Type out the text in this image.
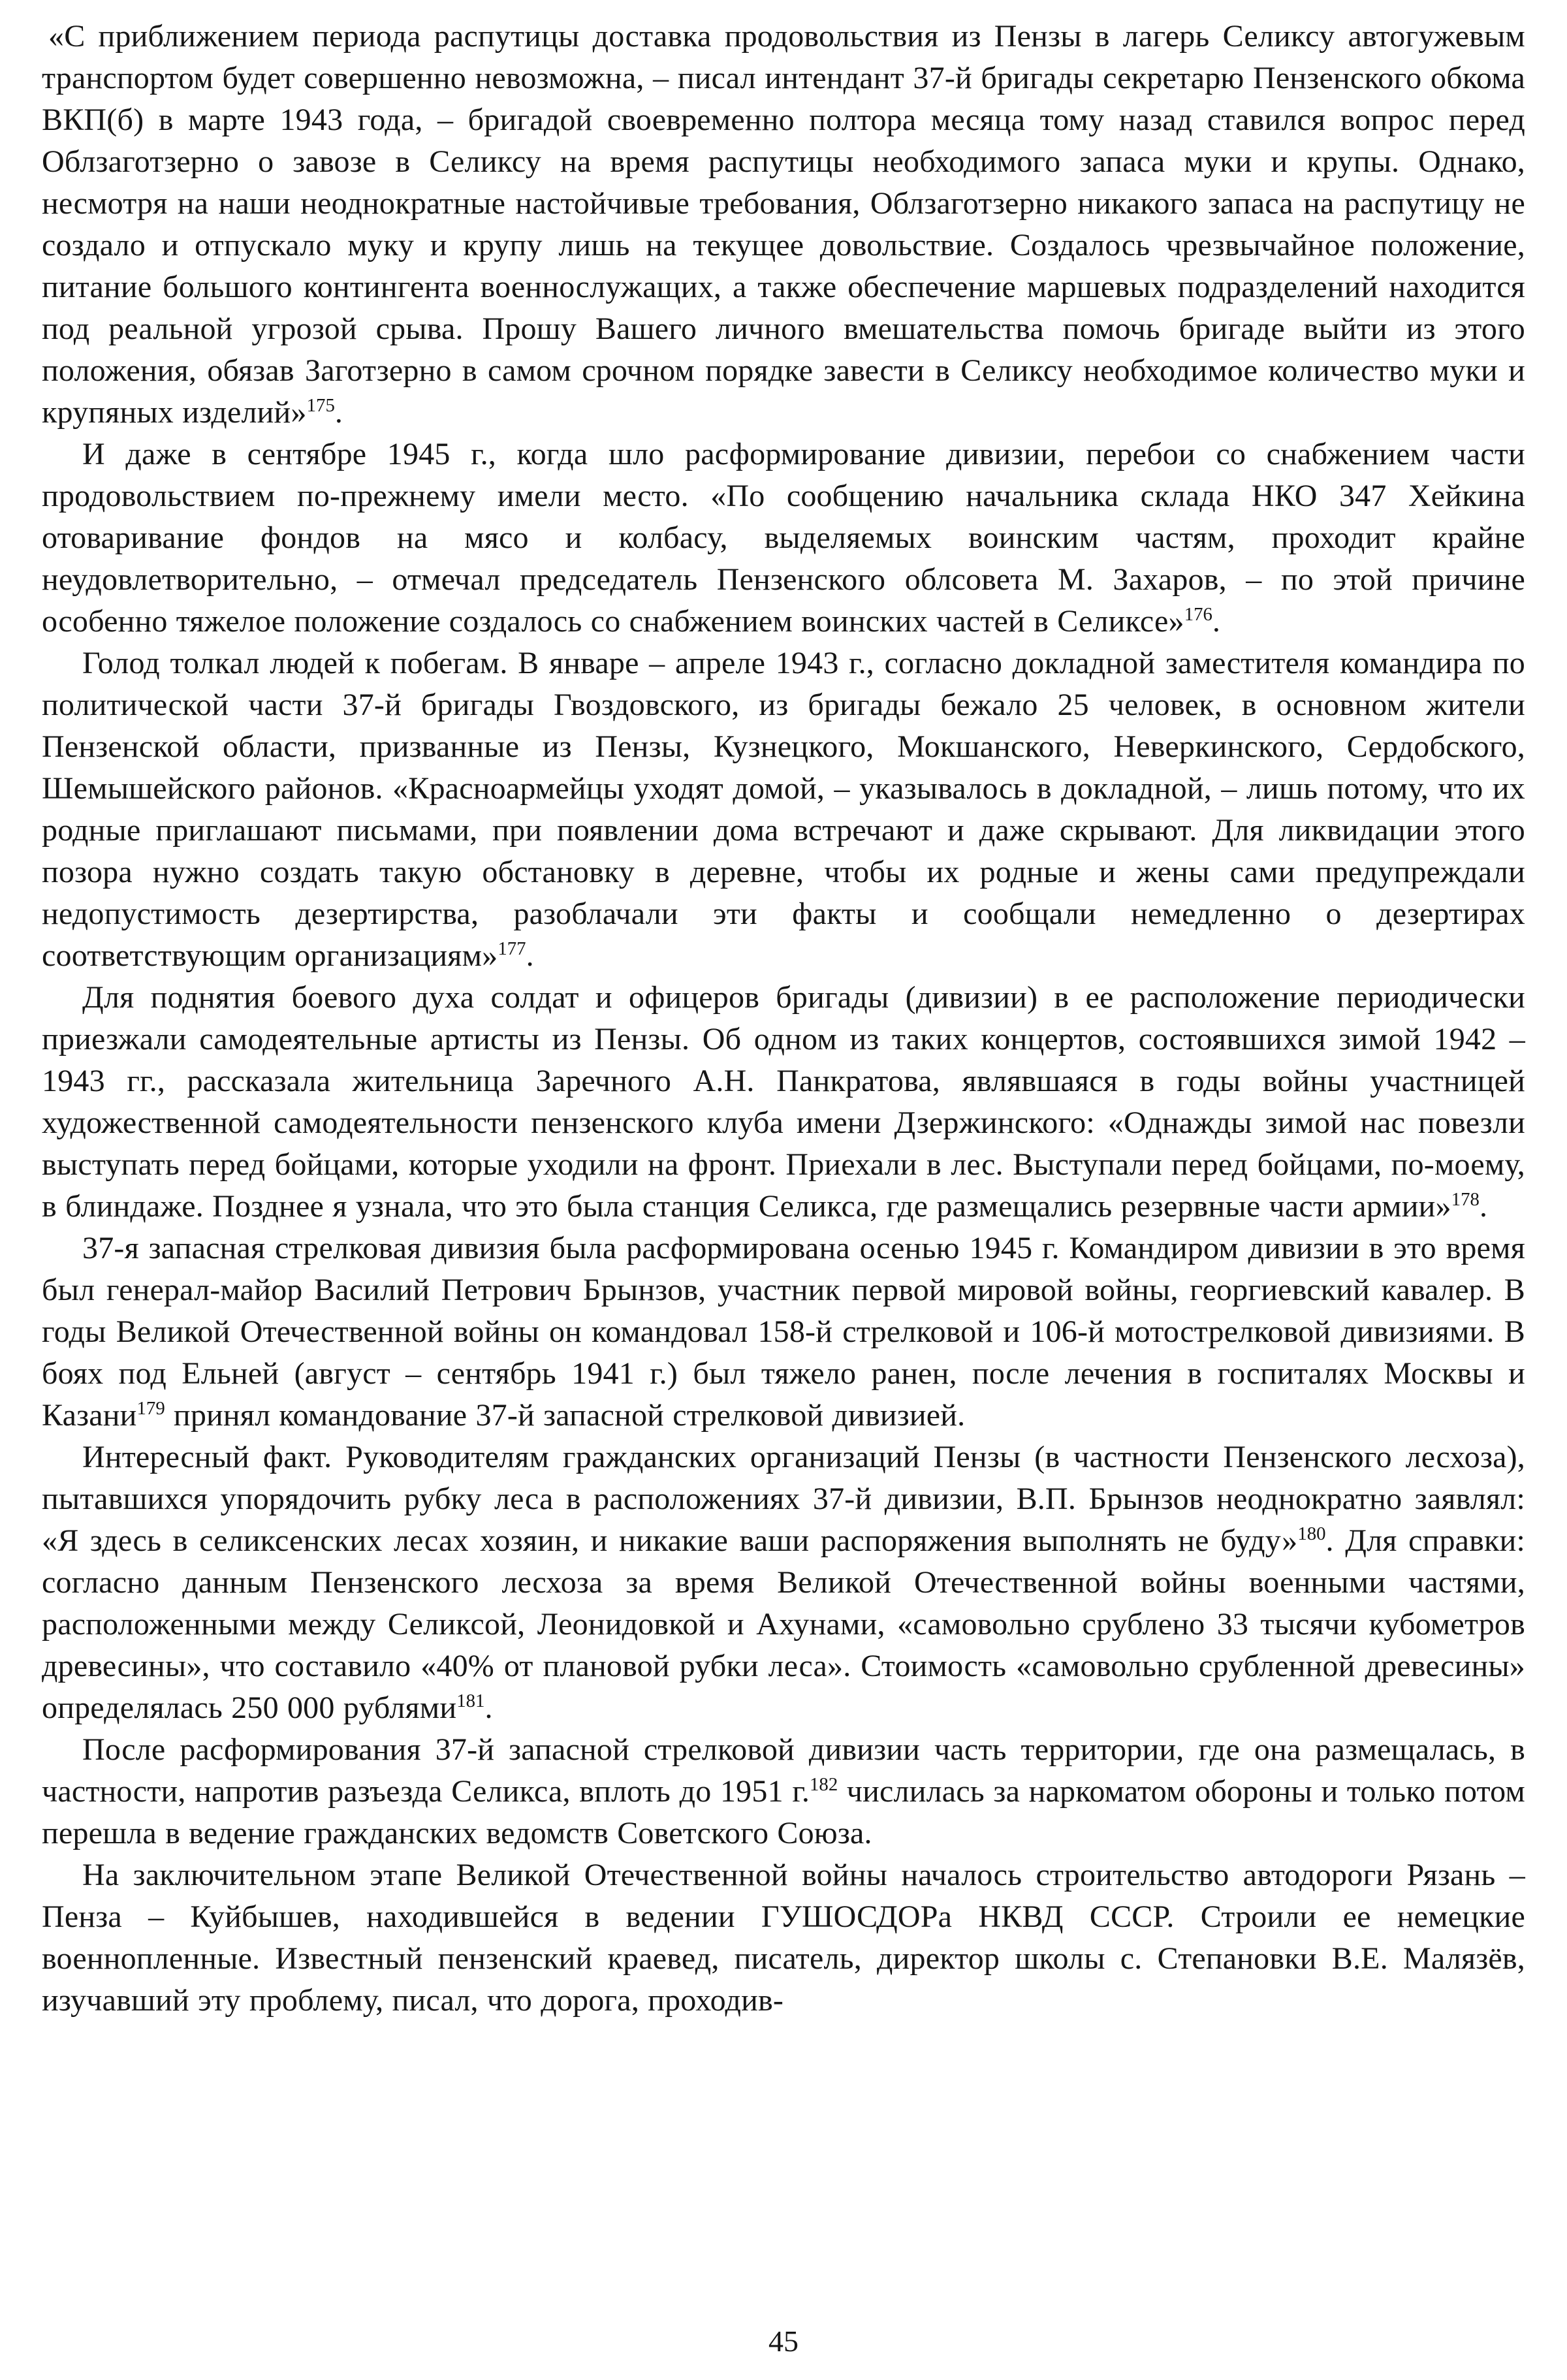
«С приближением периода распутицы доставка продовольствия из Пензы в лагерь Селиксу автогужевым транспортом будет совершенно невозможна, – писал интендант 37-й бригады секретарю Пензенского обкома ВКП(б) в марте 1943 года, – бригадой своевременно полтора месяца тому назад ставился вопрос перед Облзаготзерно о завозе в Селиксу на время распутицы необходимого запаса муки и крупы. Однако, несмотря на наши неоднократные настойчивые требования, Облзаготзерно никакого запаса на распутицу не создало и отпускало муку и крупу лишь на текущее довольствие. Создалось чрезвычайное положение, питание большого контингента военнослужащих, а также обеспечение маршевых подразделений находится под реальной угрозой срыва. Прошу Вашего личного вмешательства помочь бригаде выйти из этого положения, обязав Заготзерно в самом срочном порядке завести в Селиксу необходимое количество муки и крупяных изделий»$^{175}$.

И даже в сентябре 1945 г., когда шло расформирование дивизии, перебои со снабжением части продовольствием по-прежнему имели место. «По сообщению начальника склада НКО 347 Хейкина отоваривание фондов на мясо и колбасу, выделяемых воинским частям, проходит крайне неудовлетворительно, – отмечал председатель Пензенского облсовета М. Захаров, – по этой причине особенно тяжелое положение создалось со снабжением воинских частей в Селиксе»$^{176}$.

Голод толкал людей к побегам. В январе – апреле 1943 г., согласно докладной заместителя командира по политической части 37-й бригады Гвоздовского, из бригады бежало 25 человек, в основном жители Пензенской области, призванные из Пензы, Кузнецкого, Мокшанского, Неверкинского, Сердобского, Шемышейского районов. «Красноармейцы уходят домой, – указывалось в докладной, – лишь потому, что их родные приглашают письмами, при появлении дома встречают и даже скрывают. Для ликвидации этого позора нужно создать такую обстановку в деревне, чтобы их родные и жены сами предупреждали недопустимость дезертирства, разоблачали эти факты и сообщали немедленно о дезертирах соответствующим организациям»$^{177}$.

Для поднятия боевого духа солдат и офицеров бригады (дивизии) в ее расположение периодически приезжали самодеятельные артисты из Пензы. Об одном из таких концертов, состоявшихся зимой 1942 – 1943 гг., рассказала жительница Заречного А.Н. Панкратова, являвшаяся в годы войны участницей художественной самодеятельности пензенского клуба имени Дзержинского: «Однажды зимой нас повезли выступать перед бойцами, которые уходили на фронт. Приехали в лес. Выступали перед бойцами, по-моему, в блиндаже. Позднее я узнала, что это была станция Селикса, где размещались резервные части армии»$^{178}$.

37-я запасная стрелковая дивизия была расформирована осенью 1945 г. Командиром дивизии в это время был генерал-майор Василий Петрович Брынзов, участник первой мировой войны, георгиевский кавалер. В годы Великой Отечественной войны он командовал 158-й стрелковой и 106-й мотострелковой дивизиями. В боях под Ельней (август – сентябрь 1941 г.) был тяжело ранен, после лечения в госпиталях Москвы и Казани$^{179}$ принял командование 37-й запасной стрелковой дивизией.

Интересный факт. Руководителям гражданских организаций Пензы (в частности Пензенского лесхоза), пытавшихся упорядочить рубку леса в расположениях 37-й дивизии, В.П. Брынзов неоднократно заявлял: «Я здесь в селиксенских лесах хозяин, и никакие ваши распоряжения выполнять не буду»$^{180}$. Для справки: согласно данным Пензенского лесхоза за время Великой Отечественной войны военными частями, расположенными между Селиксой, Леонидовкой и Ахунами, «самовольно срублено 33 тысячи кубометров древесины», что составило «40% от плановой рубки леса». Стоимость «самовольно срубленной древесины» определялась 250 000 рублями$^{181}$.

После расформирования 37-й запасной стрелковой дивизии часть территории, где она размещалась, в частности, напротив разъезда Селикса, вплоть до 1951 г.$^{182}$ числилась за наркоматом обороны и только потом перешла в ведение гражданских ведомств Советского Союза.

На заключительном этапе Великой Отечественной войны началось строительство автодороги Рязань – Пенза – Куйбышев, находившейся в ведении ГУШОСДОРа НКВД СССР. Строили ее немецкие военнопленные. Известный пензенский краевед, писатель, директор школы с. Степановки В.Е. Малязёв, изучавший эту проблему, писал, что дорога, проходив-

45
